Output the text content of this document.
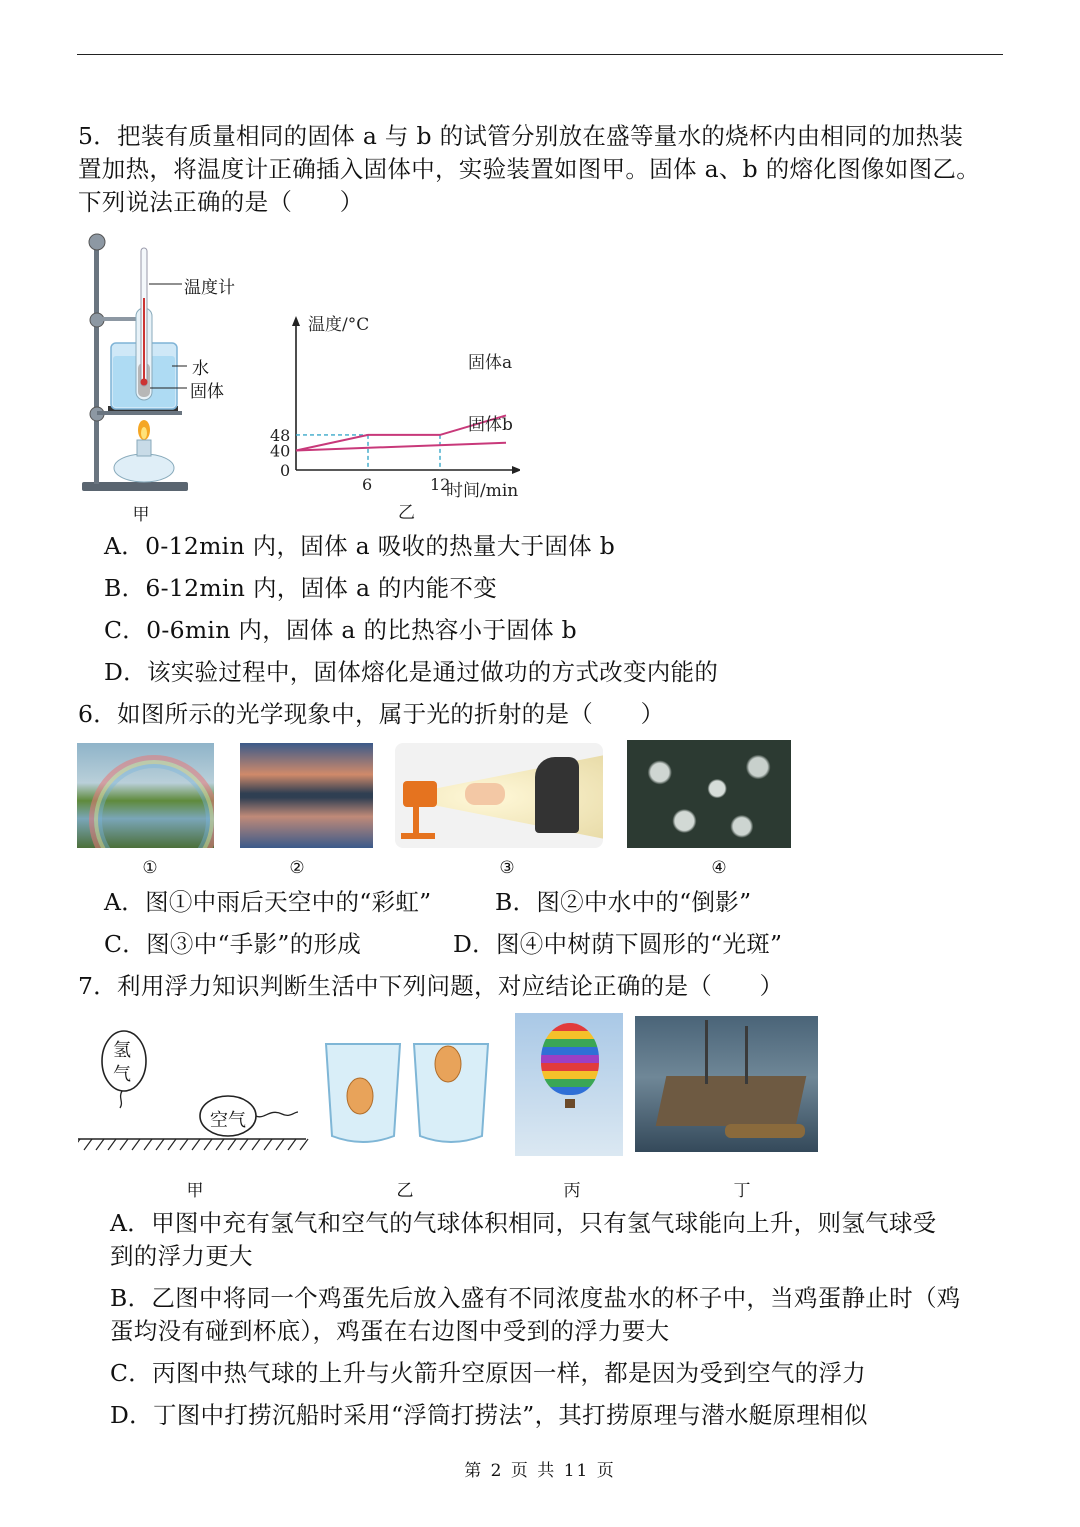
5．把装有质量相同的固体 a 与 b 的试管分别放在盛等量水的烧杯内由相同的加热装
置加热，将温度计正确插入固体中，实验装置如图甲。固体 a、b 的熔化图像如图乙。
下列说法正确的是（　　）
温度计
水
固体
甲
温度/°C
时间/min
0
40
48
6	12
固体a
固体b
乙
A．0-12min 内，固体 a 吸收的热量大于固体 b
B．6-12min 内，固体 a 的内能不变
C．0-6min 内，固体 a 的比热容小于固体 b
D．该实验过程中，固体熔化是通过做功的方式改变内能的
6．如图所示的光学现象中，属于光的折射的是（　　）
①	②	③	④
A．图①中雨后天空中的“彩虹”	B．图②中水中的“倒影”
C．图③中“手影”的形成	D．图④中树荫下圆形的“光斑”
7．利用浮力知识判断生活中下列问题，对应结论正确的是（　　）
氢
气
空气
甲	乙	丙	丁
A．甲图中充有氢气和空气的气球体积相同，只有氢气球能向上升，则氢气球受
到的浮力更大
B．乙图中将同一个鸡蛋先后放入盛有不同浓度盐水的杯子中，当鸡蛋静止时（鸡
蛋均没有碰到杯底），鸡蛋在右边图中受到的浮力要大
C．丙图中热气球的上升与火箭升空原因一样，都是因为受到空气的浮力
D．丁图中打捞沉船时采用“浮筒打捞法”，其打捞原理与潜水艇原理相似
第 2 页 共 11 页
